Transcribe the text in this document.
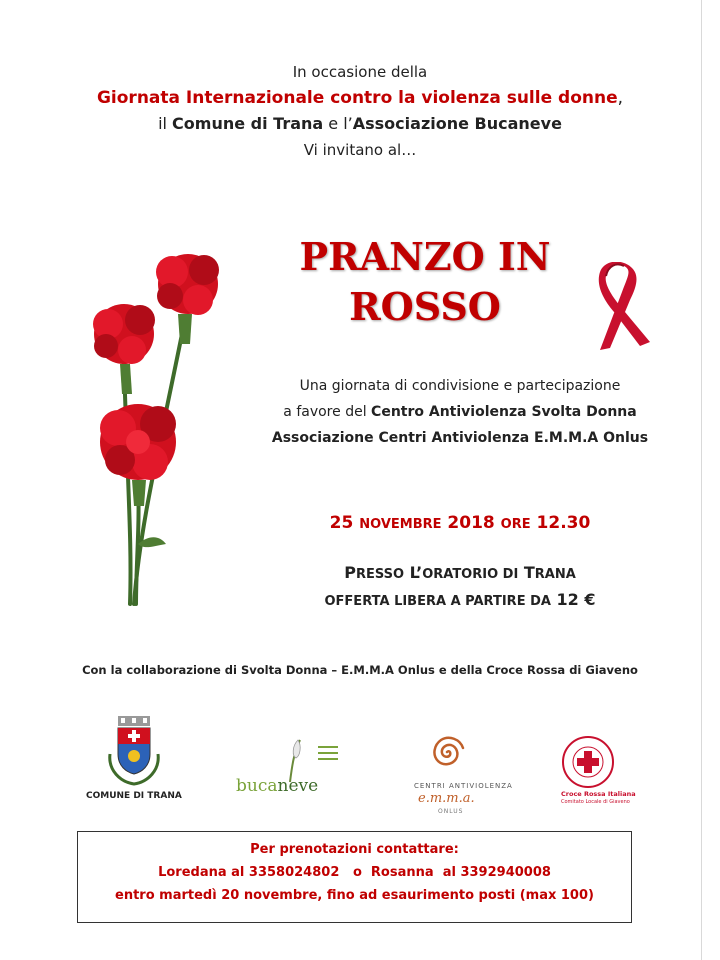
In occasione della
Giornata Internazionale contro la violenza sulle donne,
il Comune di Trana e l’Associazione Bucaneve
Vi invitano al…
PRANZO IN
ROSSO
Una giornata di condivisione e partecipazione
a favore del Centro Antiviolenza Svolta Donna
Associazione Centri Antiviolenza E.M.M.A Onlus
25 NOVEMBRE 2018 ORE 12.30
PRESSO L’ORATORIO DI TRANA
OFFERTA LIBERA A PARTIRE DA 12 €
Con la collaborazione di Svolta Donna – E.M.M.A Onlus e della Croce Rossa di Giaveno
COMUNE DI TRANA	bucaneve	CENTRI ANTIVIOLENZA
e.m.m.a.
ONLUS
Croce Rossa Italiana
Comitato Locale di Giaveno
Per prenotazioni contattare:
Loredana al 3358024802   o  Rosanna  al 3392940008
entro martedì 20 novembre, fino ad esaurimento posti (max 100)
